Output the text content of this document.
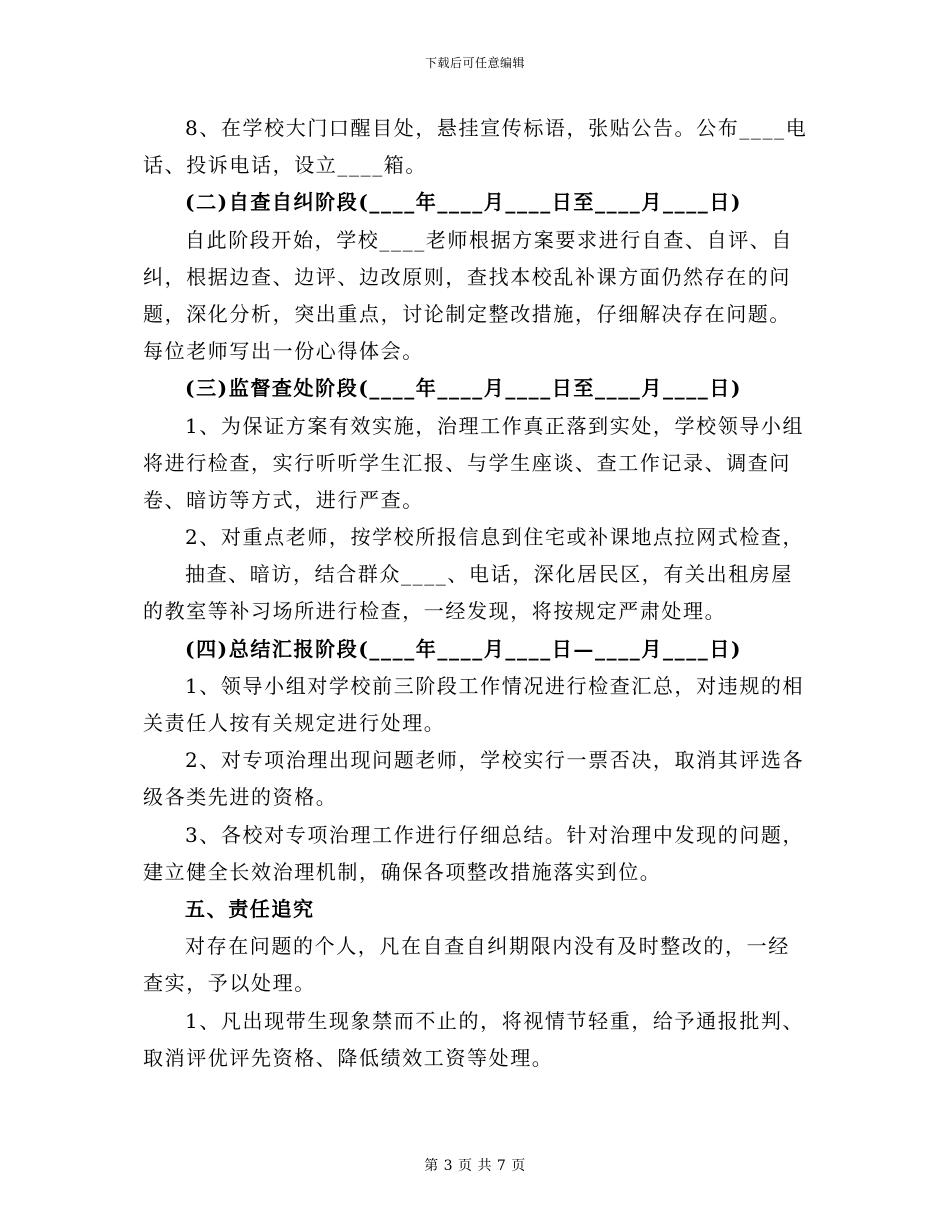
下载后可任意编辑
8、在学校大门口醒目处，悬挂宣传标语，张贴公告。公布____电
话、投诉电话，设立____箱。
(二)自查自纠阶段(____年____月____日至____月____日)
自此阶段开始，学校____老师根据方案要求进行自查、自评、自
纠，根据边查、边评、边改原则，查找本校乱补课方面仍然存在的问
题，深化分析，突出重点，讨论制定整改措施，仔细解决存在问题。
每位老师写出一份心得体会。
(三)监督查处阶段(____年____月____日至____月____日)
1、为保证方案有效实施，治理工作真正落到实处，学校领导小组
将进行检查，实行听听学生汇报、与学生座谈、查工作记录、调查问
卷、暗访等方式，进行严查。
2、对重点老师，按学校所报信息到住宅或补课地点拉网式检查，
抽查、暗访，结合群众____、电话，深化居民区，有关出租房屋
的教室等补习场所进行检查，一经发现，将按规定严肃处理。
(四)总结汇报阶段(____年____月____日—____月____日)
1、领导小组对学校前三阶段工作情况进行检查汇总，对违规的相
关责任人按有关规定进行处理。
2、对专项治理出现问题老师，学校实行一票否决，取消其评选各
级各类先进的资格。
3、各校对专项治理工作进行仔细总结。针对治理中发现的问题，
建立健全长效治理机制，确保各项整改措施落实到位。
五、责任追究
对存在问题的个人，凡在自查自纠期限内没有及时整改的，一经
查实，予以处理。
1、凡出现带生现象禁而不止的，将视情节轻重，给予通报批判、
取消评优评先资格、降低绩效工资等处理。
第 3 页 共 7 页
